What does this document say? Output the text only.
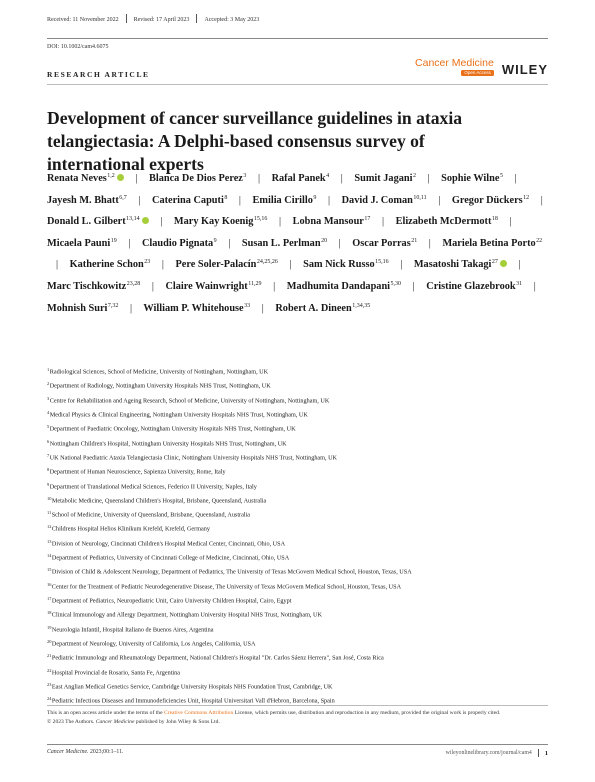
Received: 11 November 2022	Revised: 17 April 2023	Accepted: 3 May 2023
DOI: 10.1002/cam4.6075
RESEARCH ARTICLE
Cancer Medicine
Open Access WILEY
Development of cancer surveillance guidelines in ataxia telangiectasia: A Delphi-based consensus survey of international experts
Renata Neves$^{1,2}$ | Blanca De Dios Perez$^3$ | Rafal Panek$^4$ | Sumit Jagani$^2$ | Sophie Wilne$^5$ | Jayesh M. Bhatt$^{6,7}$ | Caterina Caputi$^8$ | Emilia Cirillo$^9$ | David J. Coman$^{10,11}$ | Gregor Dückers$^{12}$ | Donald L. Gilbert$^{13,14}$ | Mary Kay Koenig$^{15,16}$ | Lobna Mansour$^{17}$ | Elizabeth McDermott$^{18}$ | Micaela Pauni$^{19}$ | Claudio Pignata$^9$ | Susan L. Perlman$^{20}$ | Oscar Porras$^{21}$ | Mariela Betina Porto$^{22}$ | Katherine Schon$^{23}$ | Pere Soler-Palacín$^{24,25,26}$ | Sam Nick Russo$^{15,16}$ | Masatoshi Takagi$^{27}$ | Marc Tischkowitz$^{23,28}$ | Claire Wainwright$^{11,29}$ | Madhumita Dandapani$^{5,30}$ | Cristine Glazebrook$^{31}$ | Mohnish Suri$^{7,32}$ | William P. Whitehouse$^{33}$ | Robert A. Dineen$^{1,34,35}$
$^1$Radiological Sciences, School of Medicine, University of Nottingham, Nottingham, UK
$^2$Department of Radiology, Nottingham University Hospitals NHS Trust, Nottingham, UK
$^3$Centre for Rehabilitation and Ageing Research, School of Medicine, University of Nottingham, Nottingham, UK
$^4$Medical Physics & Clinical Engineering, Nottingham University Hospitals NHS Trust, Nottingham, UK
$^5$Department of Paediatric Oncology, Nottingham University Hospitals NHS Trust, Nottingham, UK
$^6$Nottingham Children's Hospital, Nottingham University Hospitals NHS Trust, Nottingham, UK
$^7$UK National Paediatric Ataxia Telangiectasia Clinic, Nottingham University Hospitals NHS Trust, Nottingham, UK
$^8$Department of Human Neuroscience, Sapienza University, Rome, Italy
$^9$Department of Translational Medical Sciences, Federico II University, Naples, Italy
$^{10}$Metabolic Medicine, Queensland Children's Hospital, Brisbane, Queensland, Australia
$^{11}$School of Medicine, University of Queensland, Brisbane, Queensland, Australia
$^{12}$Childrens Hospital Helios Klinikum Krefeld, Krefeld, Germany
$^{13}$Division of Neurology, Cincinnati Children's Hospital Medical Center, Cincinnati, Ohio, USA
$^{14}$Department of Pediatrics, University of Cincinnati College of Medicine, Cincinnati, Ohio, USA
$^{15}$Division of Child & Adolescent Neurology, Department of Pediatrics, The University of Texas McGovern Medical School, Houston, Texas, USA
$^{16}$Center for the Treatment of Pediatric Neurodegenerative Disease, The University of Texas McGovern Medical School, Houston, Texas, USA
$^{17}$Department of Pediatrics, Neuropediatric Unit, Cairo University Children Hospital, Cairo, Egypt
$^{18}$Clinical Immunology and Allergy Department, Nottingham University Hospital NHS Trust, Nottingham, UK
$^{19}$Neurologia Infantil, Hospital Italiano de Buenos Aires, Argentina
$^{20}$Department of Neurology, University of California, Los Angeles, California, USA
$^{21}$Pediatric Immunology and Rheumatology Department, National Children's Hospital "Dr. Carlos Sáenz Herrera", San José, Costa Rica
$^{22}$Hospital Provincial de Rosario, Santa Fe, Argentina
$^{23}$East Anglian Medical Genetics Service, Cambridge University Hospitals NHS Foundation Trust, Cambridge, UK
$^{24}$Pediatric Infectious Diseases and Immunodeficiencies Unit, Hospital Universitari Vall d'Hebron, Barcelona, Spain
This is an open access article under the terms of the Creative Commons Attribution License, which permits use, distribution and reproduction in any medium, provided the original work is properly cited.
© 2023 The Authors. Cancer Medicine published by John Wiley & Sons Ltd.
Cancer Medicine. 2023;00:1–11.	wileyonlinelibrary.com/journal/cam4 1
